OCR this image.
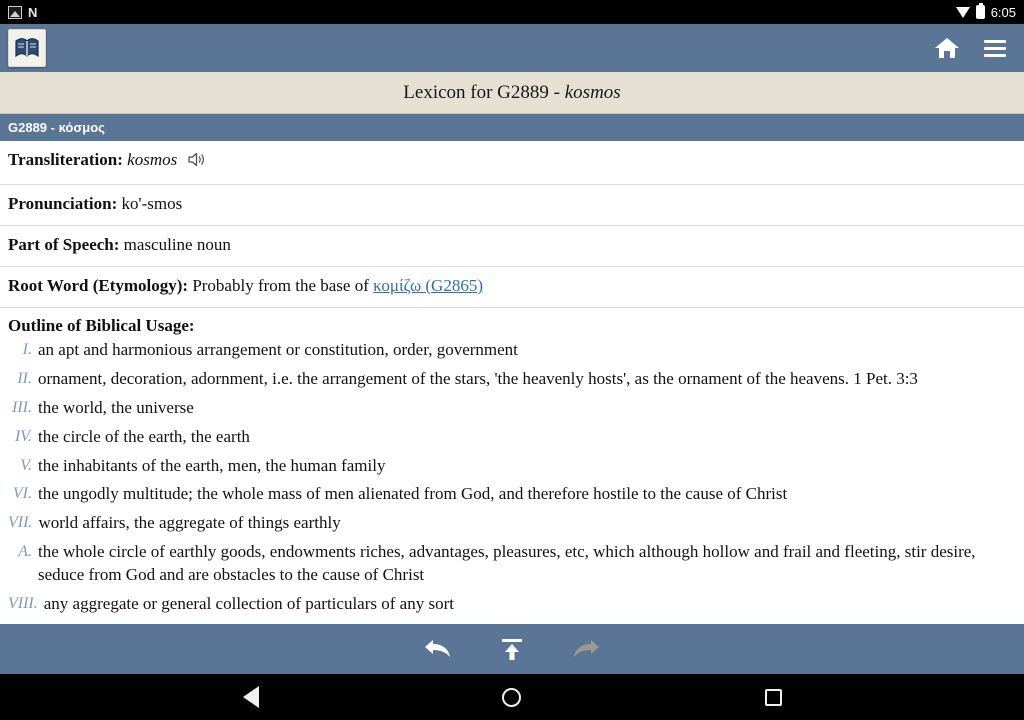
N	6:05
Lexicon for G2889 - kosmos
G2889 - κόσμος
Transliteration: kosmos
Pronunciation: ko'-smos
Part of Speech: masculine noun
Root Word (Etymology): Probably from the base of κομίζω (G2865)
Outline of Biblical Usage:
I. an apt and harmonious arrangement or constitution, order, government
II. ornament, decoration, adornment, i.e. the arrangement of the stars, 'the heavenly hosts', as the ornament of the heavens. 1 Pet. 3:3
III. the world, the universe
IV. the circle of the earth, the earth
V. the inhabitants of the earth, men, the human family
VI. the ungodly multitude; the whole mass of men alienated from God, and therefore hostile to the cause of Christ
VII. world affairs, the aggregate of things earthly
A. the whole circle of earthly goods, endowments riches, advantages, pleasures, etc, which although hollow and frail and fleeting, stir desire, seduce from God and are obstacles to the cause of Christ
VIII. any aggregate or general collection of particulars of any sort
